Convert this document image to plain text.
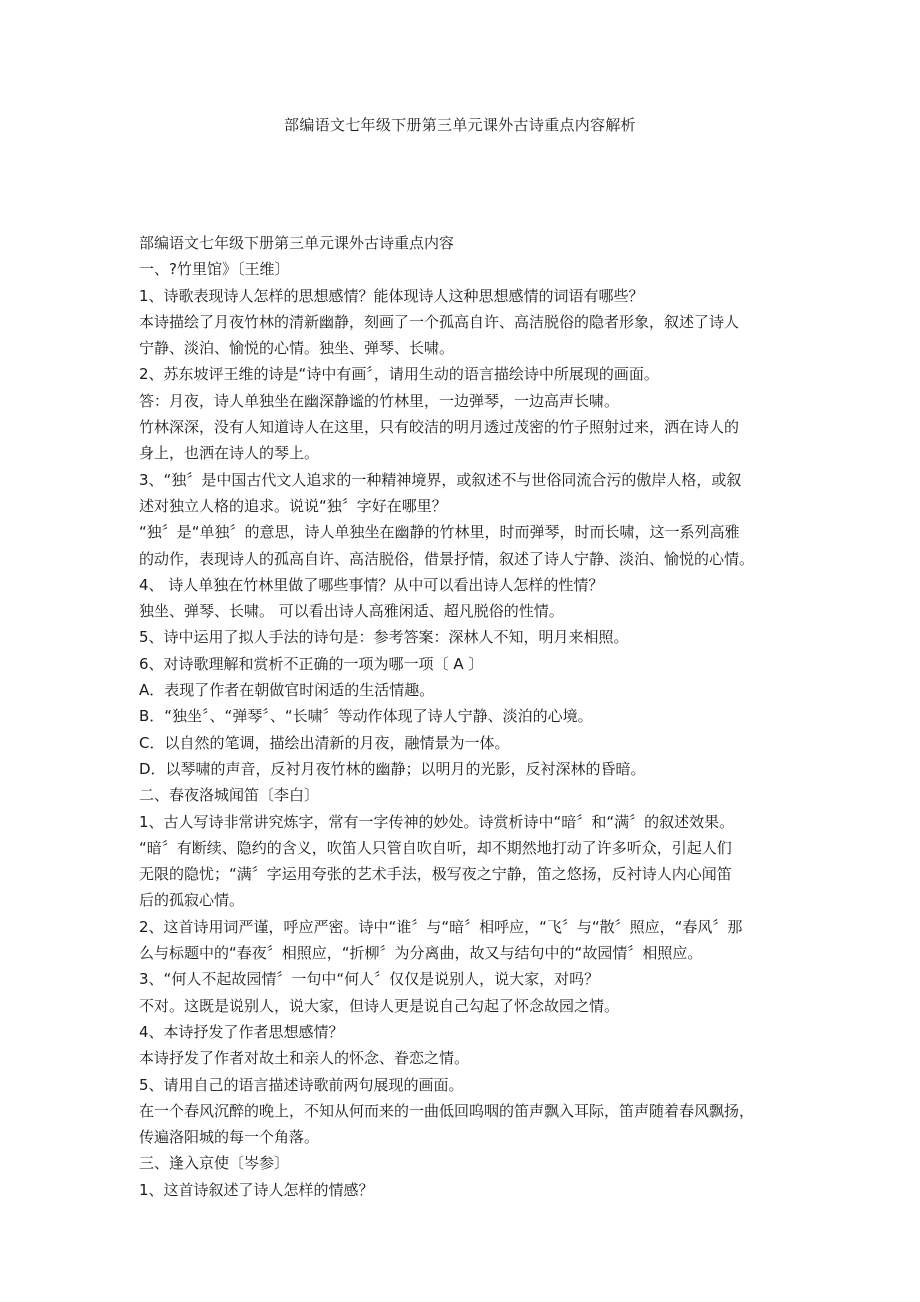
部编语文七年级下册第三单元课外古诗重点内容解析
部编语文七年级下册第三单元课外古诗重点内容
一、?竹里馆》〔王维〕
1、诗歌表现诗人怎样的思想感情？能体现诗人这种思想感情的词语有哪些？
本诗描绘了月夜竹林的清新幽静，刻画了一个孤高自许、高洁脱俗的隐者形象，叙述了诗人
宁静、淡泊、愉悦的心情。独坐、弹琴、长啸。
2、苏东坡评王维的诗是“诗中有画〞，请用生动的语言描绘诗中所展现的画面。
答：月夜，诗人单独坐在幽深静谧的竹林里，一边弹琴，一边高声长啸。
竹林深深，没有人知道诗人在这里，只有皎洁的明月透过茂密的竹子照射过来，洒在诗人的
身上，也洒在诗人的琴上。
3、“独〞是中国古代文人追求的一种精神境界，或叙述不与世俗同流合污的傲岸人格，或叙
述对独立人格的追求。说说“独〞字好在哪里？
“独〞是“单独〞的意思，诗人单独坐在幽静的竹林里，时而弹琴，时而长啸，这一系列高雅
的动作，表现诗人的孤高自许、高洁脱俗，借景抒情，叙述了诗人宁静、淡泊、愉悦的心情。
4、 诗人单独在竹林里做了哪些事情？从中可以看出诗人怎样的性情？
独坐、弹琴、长啸。 可以看出诗人高雅闲适、超凡脱俗的性情。
5、诗中运用了拟人手法的诗句是：参考答案：深林人不知，明月来相照。
6、对诗歌理解和赏析不正确的一项为哪一项〔 A 〕
A．表现了作者在朝做官时闲适的生活情趣。
B．“独坐〞、“弹琴〞、“长啸〞等动作体现了诗人宁静、淡泊的心境。
C．以自然的笔调，描绘出清新的月夜，融情景为一体。
D．以琴啸的声音，反衬月夜竹林的幽静；以明月的光影，反衬深林的昏暗。
二、春夜洛城闻笛〔李白〕
1、古人写诗非常讲究炼字，常有一字传神的妙处。诗赏析诗中“暗〞和“满〞的叙述效果。
“暗〞有断续、隐约的含义，吹笛人只管自吹自听，却不期然地打动了许多听众，引起人们
无限的隐忧；“满〞字运用夸张的艺术手法，极写夜之宁静，笛之悠扬，反衬诗人内心闻笛
后的孤寂心情。
2、这首诗用词严谨，呼应严密。诗中“谁〞与“暗〞相呼应，“飞〞与“散〞照应，“春风〞那
么与标题中的“春夜〞相照应，“折柳〞为分离曲，故又与结句中的“故园情〞相照应。
3、“何人不起故园情〞一句中“何人〞仅仅是说别人，说大家，对吗？
不对。这既是说别人，说大家，但诗人更是说自己勾起了怀念故园之情。
4、本诗抒发了作者思想感情？
本诗抒发了作者对故土和亲人的怀念、眷恋之情。
5、请用自己的语言描述诗歌前两句展现的画面。
在一个春风沉醉的晚上，不知从何而来的一曲低回呜咽的笛声飘入耳际，笛声随着春风飘扬，
传遍洛阳城的每一个角落。
三、逢入京使〔岑参〕
1、这首诗叙述了诗人怎样的情感？
